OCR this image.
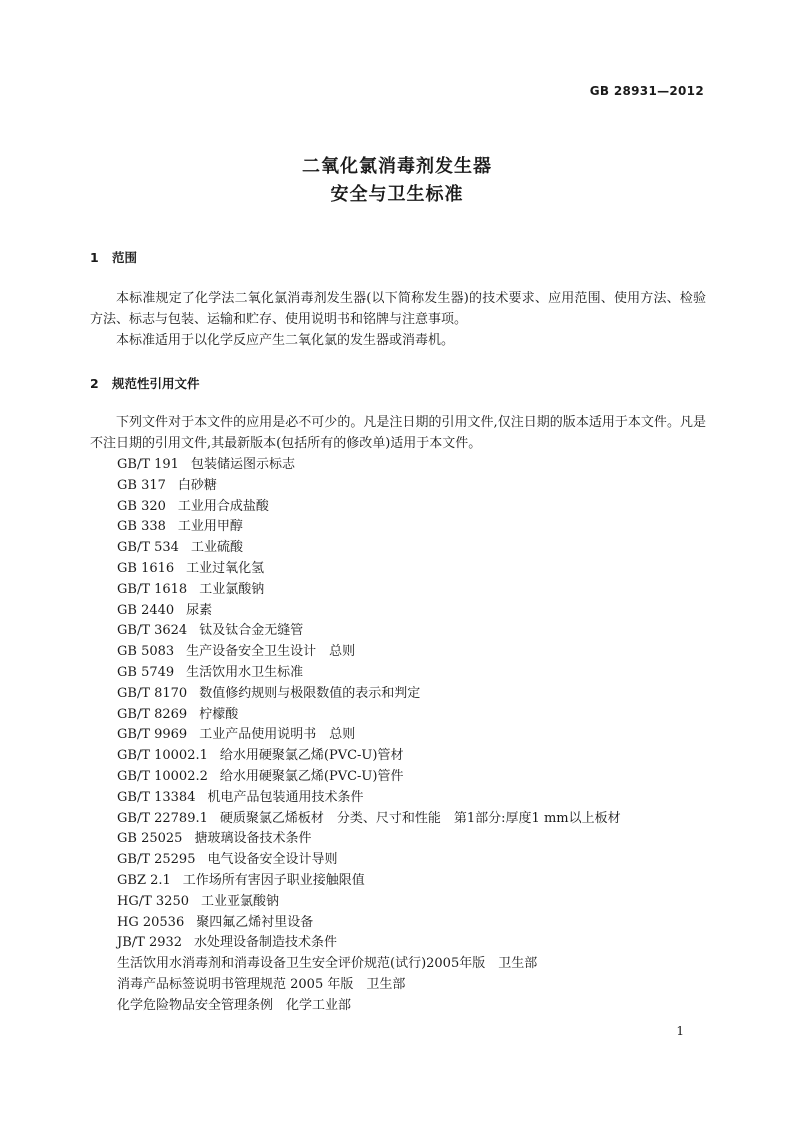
GB 28931—2012
二氧化氯消毒剂发生器
安全与卫生标准
1 范围
本标准规定了化学法二氧化氯消毒剂发生器(以下简称发生器)的技术要求、应用范围、使用方法、检验方法、标志与包装、运输和贮存、使用说明书和铭牌与注意事项。
本标准适用于以化学反应产生二氧化氯的发生器或消毒机。
2 规范性引用文件
下列文件对于本文件的应用是必不可少的。凡是注日期的引用文件,仅注日期的版本适用于本文件。凡是不注日期的引用文件,其最新版本(包括所有的修改单)适用于本文件。
GB/T 191 包装储运图示标志
GB 317 白砂糖
GB 320 工业用合成盐酸
GB 338 工业用甲醇
GB/T 534 工业硫酸
GB 1616 工业过氧化氢
GB/T 1618 工业氯酸钠
GB 2440 尿素
GB/T 3624 钛及钛合金无缝管
GB 5083 生产设备安全卫生设计　总则
GB 5749 生活饮用水卫生标准
GB/T 8170 数值修约规则与极限数值的表示和判定
GB/T 8269 柠檬酸
GB/T 9969 工业产品使用说明书　总则
GB/T 10002.1 给水用硬聚氯乙烯(PVC-U)管材
GB/T 10002.2 给水用硬聚氯乙烯(PVC-U)管件
GB/T 13384 机电产品包装通用技术条件
GB/T 22789.1 硬质聚氯乙烯板材　分类、尺寸和性能　第1部分:厚度1 mm以上板材
GB 25025 搪玻璃设备技术条件
GB/T 25295 电气设备安全设计导则
GBZ 2.1 工作场所有害因子职业接触限值
HG/T 3250 工业亚氯酸钠
HG 20536 聚四氟乙烯衬里设备
JB/T 2932 水处理设备制造技术条件
生活饮用水消毒剂和消毒设备卫生安全评价规范(试行)2005年版　卫生部
消毒产品标签说明书管理规范 2005 年版　卫生部
化学危险物品安全管理条例　化学工业部
1
